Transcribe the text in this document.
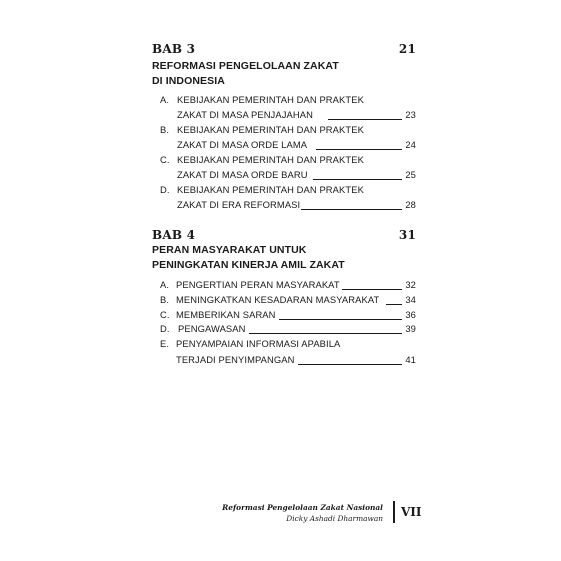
BAB 3	21
REFORMASI PENGELOLAAN ZAKAT
DI INDONESIA
A. KEBIJAKAN PEMERINTAH DAN PRAKTEK
ZAKAT DI MASA PENJAJAHAN	23
B. KEBIJAKAN PEMERINTAH DAN PRAKTEK
ZAKAT DI MASA ORDE LAMA	24
C. KEBIJAKAN PEMERINTAH DAN PRAKTEK
ZAKAT DI MASA ORDE BARU	25
D. KEBIJAKAN PEMERINTAH DAN PRAKTEK
ZAKAT DI ERA REFORMASI	28
BAB 4	31
PERAN MASYARAKAT UNTUK
PENINGKATAN KINERJA AMIL ZAKAT
A. PENGERTIAN PERAN MASYARAKAT	32
B. MENINGKATKAN KESADARAN MASYARAKAT	34
C. MEMBERIKAN SARAN	36
D. PENGAWASAN	39
E. PENYAMPAIAN INFORMASI APABILA
TERJADI PENYIMPANGAN	41
Reformasi Pengelolaan Zakat Nasional
Dicky Ashadi Dharmawan VII
